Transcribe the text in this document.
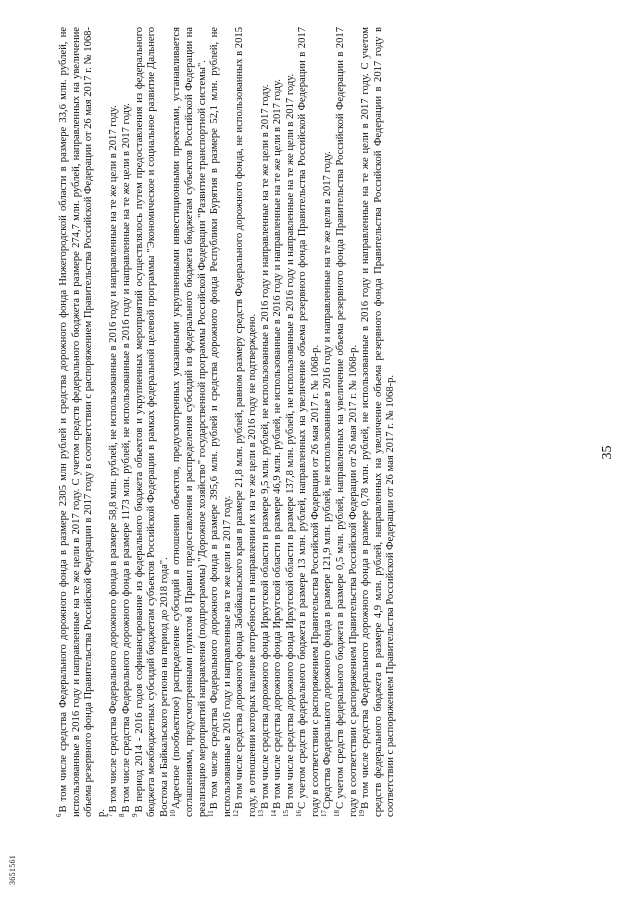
35

$^6$В том числе средства Федерального дорожного фонда в размере 2305 млн рублей и средства дорожного фонда Нижегородской области в размере 33,6 млн. рублей, не использованные в 2016 году и направленные на те же цели в 2017 году. С учетом средств федерального бюджета в размере 274,7 млн. рублей, направленных на увеличение объема резервного фонда Правительства Российской Федерации в 2017 году в соответствии с распоряжением Правительства Российской Федерации от 26 мая 2017 г. № 1068-р. $^7$В том числе средства Федерального дорожного фонда в размере 58,8 млн. рублей, не использованные в 2016 году и направленные на те же цели в 2017 году.

$^8$В том числе средства Федерального дорожного фонда в размере 1173 млн. рублей, не использованные в 2016 году и направленные на те же цели в 2017 году.

$^9$В период 2014 - 2016 годов софинансирование из федерального бюджета объектов и укрупненных мероприятий осуществлялось путем предоставления из федерального бюджета межбюджетных субсидий бюджетам субъектов Российской Федерации в рамках федеральной целевой программы "Экономическое и социальное развитие Дальнего Востока и Байкальского региона на период до 2018 года". $^{10}$Адресное (пообъектное) распределение субсидий в отношении объектов, предусмотренных указанными укрупненными инвестиционными проектами, устанавливается соглашениями, предусмотренными пунктом 8 Правил предоставления и распределения субсидий из федерального бюджета бюджетам субъектов Российской Федерации на реализацию мероприятий направления (подпрограммы) "Дорожное хозяйство" государственной программы Российской Федерации "Развитие транспортной системы". $^{11}$В том числе средства Федерального дорожного фонда в размере 395,6 млн. рублей и средства дорожного фонда Республики Бурятия в размере 52,1 млн. рублей, не использованные в 2016 году и направленные на те же цели в 2017 году. $^{12}$В том числе средства дорожного фонда Забайкальского края в размере 21,8 млн. рублей, равном размеру средств Федерального дорожного фонда, не использованных в 2015 году, в отношении которых наличие потребности в направлении их на те же цели в 2016 году не подтверждено. $^{13}$В том числе средства дорожного фонда Иркутской области в размере 9,5 млн. рублей, не использованные в 2016 году и направленные на те же цели в 2017 году.

$^{14}$В том числе средства дорожного фонда Иркутской области в размере 46,9 млн. рублей, не использованные в 2016 году и направленные на те же цели в 2017 году.

$^{15}$В том числе средства дорожного фонда Иркутской области в размере 137,8 млн. рублей, не использованные в 2016 году и направленные на те же цели в 2017 году.

$^{16}$С учетом средств федерального бюджета в размере 13 млн. рублей, направленных на увеличение объема резервного фонда Правительства Российской Федерации в 2017 году в соответствии с распоряжением Правительства Российской Федерации от 26 мая 2017 г. № 1068-р. $^{17}$Средства Федерального дорожного фонда в размере 121,9 млн. рублей, не использованные в 2016 году и направленные на те же цели в 2017 году.

$^{18}$С учетом средств федерального бюджета в размере 0,5 млн. рублей, направленных на увеличение объема резервного фонда Правительства Российской Федерации в 2017 году в соответствии с распоряжением Правительства Российской Федерации от 26 мая 2017 г. № 1068-р. $^{19}$В том числе средства Федерального дорожного фонда в размере 0,78 млн. рублей, не использованные в 2016 году и направленные на те же цели в 2017 году. С учетом средств федерального бюджета в размере 4,9 млн. рублей, направленных на увеличение объема резервного фонда Правительства Российской Федерации в 2017 году в соответствии с распоряжением Правительства Российской Федерации от 26 мая 2017 г. № 1068-р.

3651561
